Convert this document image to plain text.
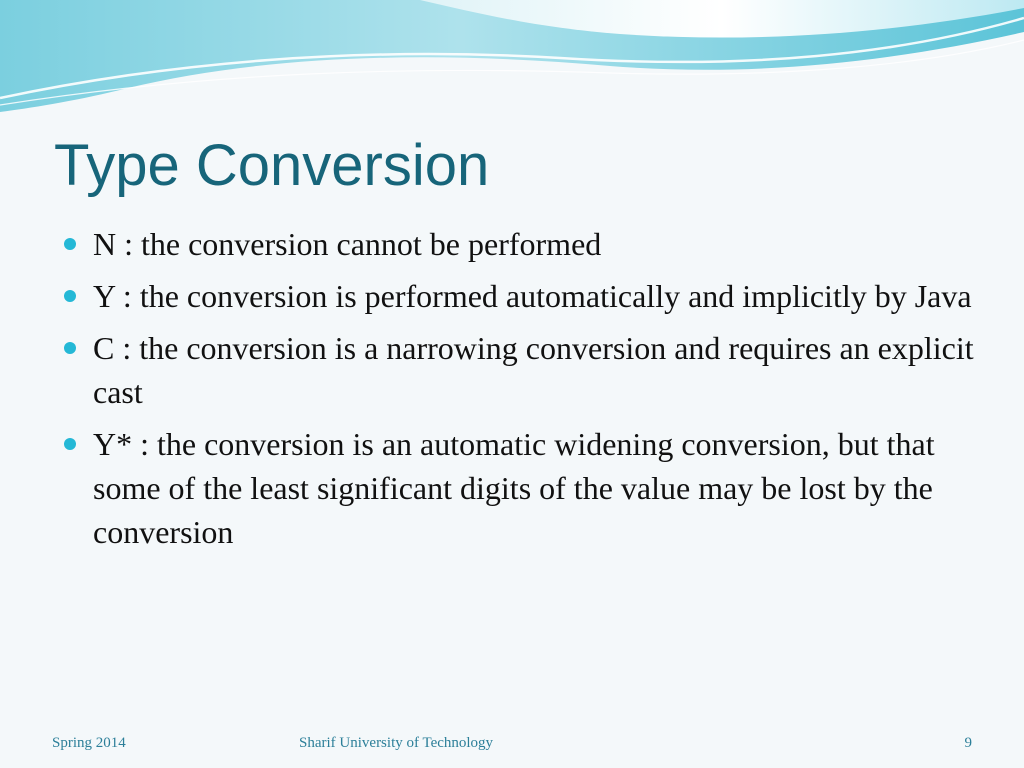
Type Conversion
N : the conversion cannot be performed
Y : the conversion is performed automatically and implicitly by Java
C : the conversion is a narrowing conversion and requires an explicit cast
Y* : the conversion is an automatic widening conversion, but that some of the least significant digits of the value may be lost by the conversion
Spring 2014	Sharif University of Technology	9
